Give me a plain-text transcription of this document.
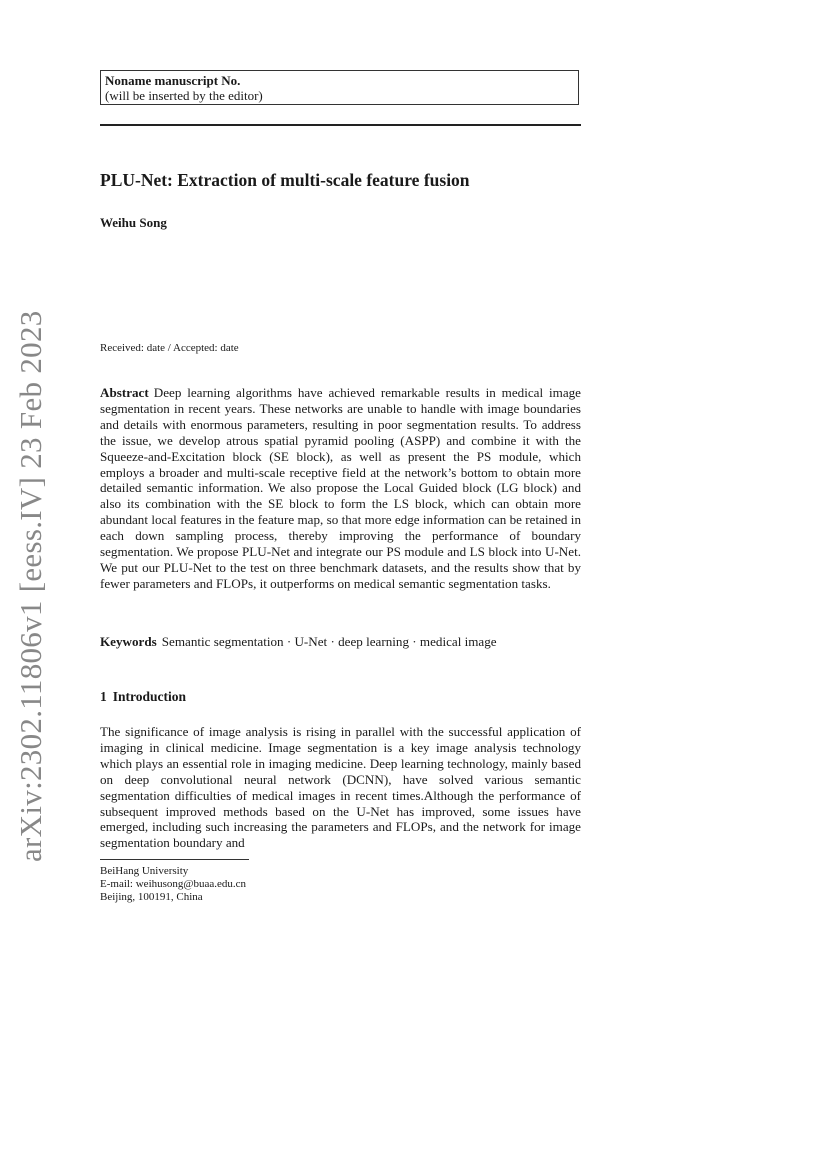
Noname manuscript No.
(will be inserted by the editor)
PLU-Net: Extraction of multi-scale feature fusion
Weihu Song
Received: date / Accepted: date
Abstract Deep learning algorithms have achieved remarkable results in medical image segmentation in recent years. These networks are unable to handle with image boundaries and details with enormous parameters, resulting in poor segmentation results. To address the issue, we develop atrous spatial pyramid pooling (ASPP) and combine it with the Squeeze-and-Excitation block (SE block), as well as present the PS module, which employs a broader and multi-scale receptive field at the network’s bottom to obtain more detailed semantic information. We also propose the Local Guided block (LG block) and also its combination with the SE block to form the LS block, which can obtain more abundant local features in the feature map, so that more edge information can be retained in each down sampling process, thereby improving the performance of boundary segmentation. We propose PLU-Net and integrate our PS module and LS block into U-Net. We put our PLU-Net to the test on three benchmark datasets, and the results show that by fewer parameters and FLOPs, it outperforms on medical semantic segmentation tasks.
Keywords Semantic segmentation · U-Net · deep learning · medical image
1 Introduction
The significance of image analysis is rising in parallel with the successful application of imaging in clinical medicine. Image segmentation is a key image analysis technology which plays an essential role in imaging medicine. Deep learning technology, mainly based on deep convolutional neural network (DCNN), have solved various semantic segmentation difficulties of medical images in recent times.Although the performance of subsequent improved methods based on the U-Net has improved, some issues have emerged, including such increasing the parameters and FLOPs, and the network for image segmentation boundary and
BeiHang University
E-mail: weihusong@buaa.edu.cn
Beijing, 100191, China
arXiv:2302.11806v1 [eess.IV] 23 Feb 2023
